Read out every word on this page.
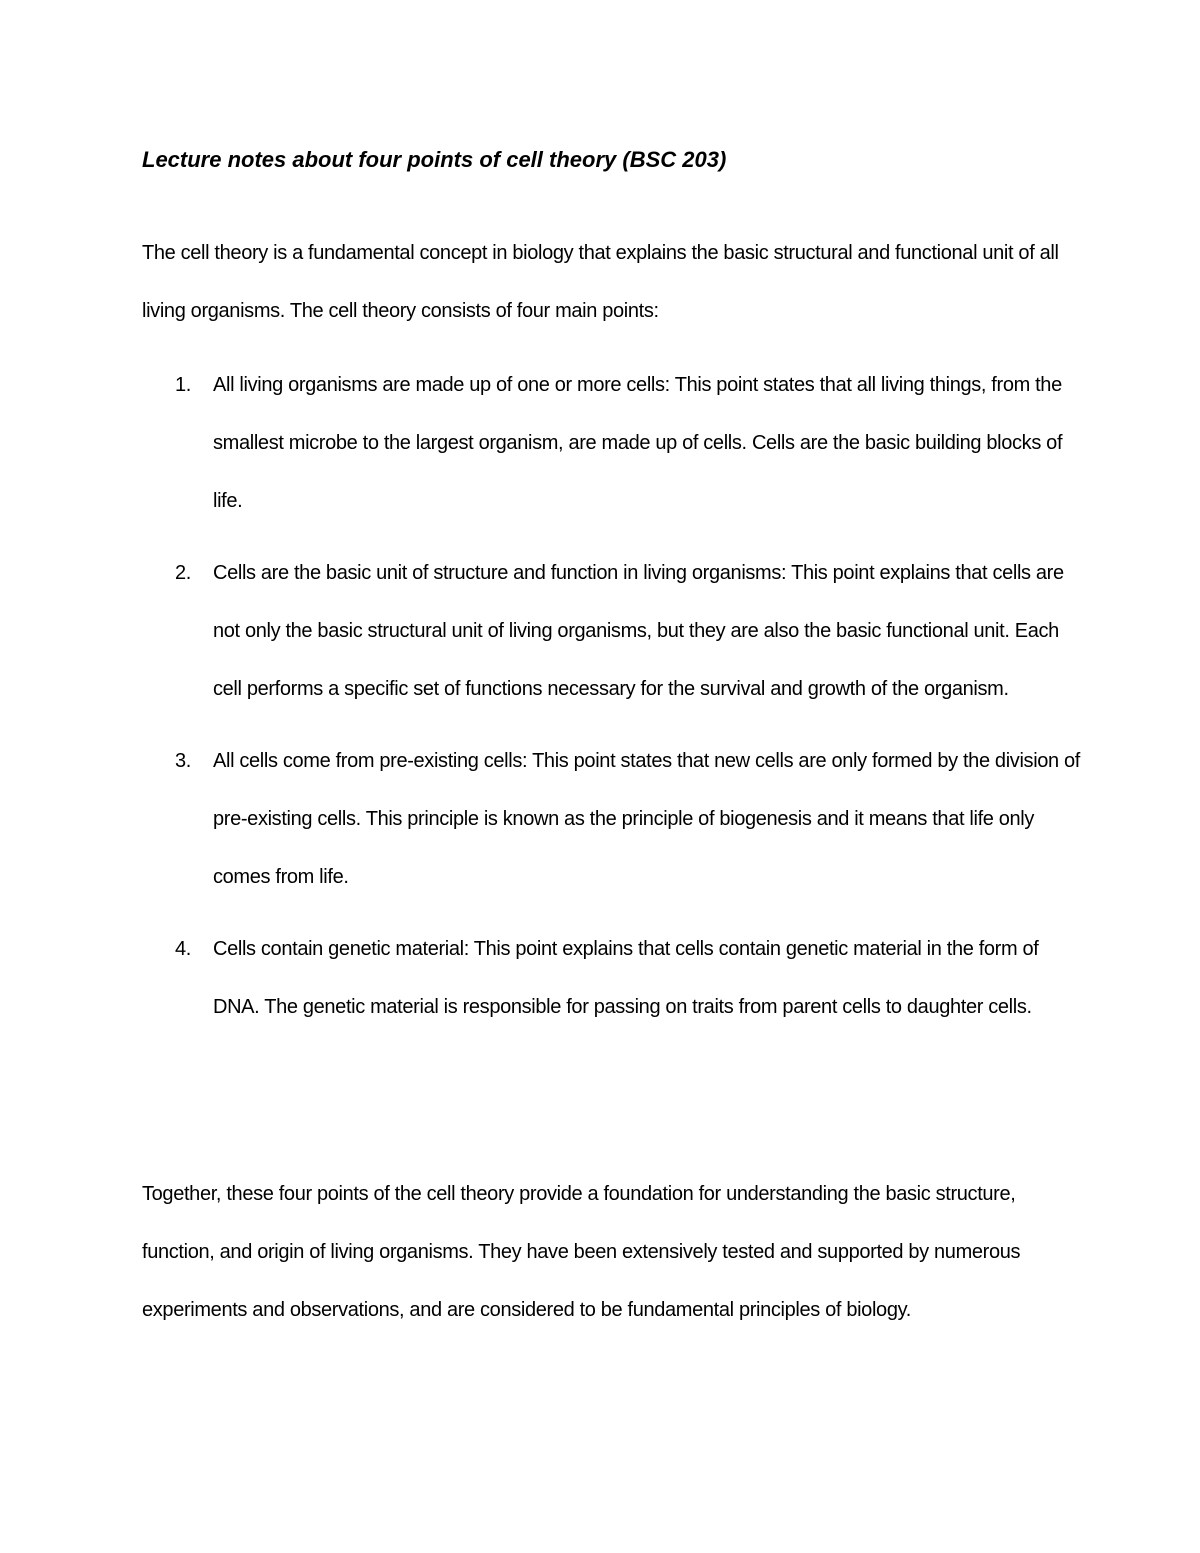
Lecture notes about four points of cell theory (BSC 203)

The cell theory is a fundamental concept in biology that explains the basic structural and functional unit of all living organisms. The cell theory consists of four main points:

1.	All living organisms are made up of one or more cells: This point states that all living things, from the smallest microbe to the largest organism, are made up of cells. Cells are the basic building blocks of life.
2.	Cells are the basic unit of structure and function in living organisms: This point explains that cells are not only the basic structural unit of living organisms, but they are also the basic functional unit. Each cell performs a specific set of functions necessary for the survival and growth of the organism.
3.	All cells come from pre-existing cells: This point states that new cells are only formed by the division of pre-existing cells. This principle is known as the principle of biogenesis and it means that life only comes from life.
4.	Cells contain genetic material: This point explains that cells contain genetic material in the form of DNA. The genetic material is responsible for passing on traits from parent cells to daughter cells.

Together, these four points of the cell theory provide a foundation for understanding the basic structure, function, and origin of living organisms. They have been extensively tested and supported by numerous experiments and observations, and are considered to be fundamental principles of biology.
